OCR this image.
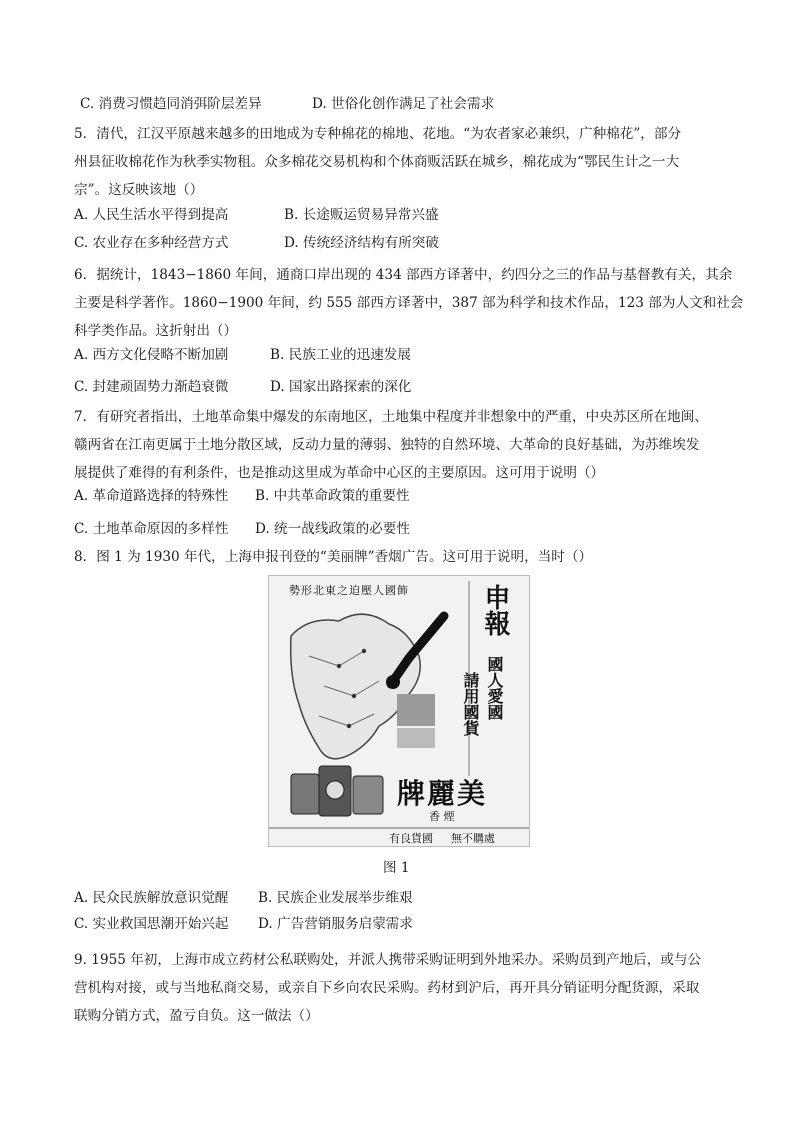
C. 消费习惯趋同消弭阶层差异	D. 世俗化创作满足了社会需求
5．清代，江汉平原越来越多的田地成为专种棉花的棉地、花地。“为农者家必兼织，广种棉花”，部分
州县征收棉花作为秋季实物租。众多棉花交易机构和个体商贩活跃在城乡，棉花成为“鄂民生计之一大
宗”。这反映该地（）
A. 人民生活水平得到提高	B. 长途贩运贸易异常兴盛
C. 农业存在多种经营方式	D. 传统经济结构有所突破
6．据统计，1843−1860 年间，通商口岸出现的 434 部西方译著中，约四分之三的作品与基督教有关，其余
主要是科学著作。1860−1900 年间，约 555 部西方译著中，387 部为科学和技术作品，123 部为人文和社会
科学类作品。这折射出（）
A. 西方文化侵略不断加剧	B. 民族工业的迅速发展
C. 封建顽固势力渐趋衰微	D. 国家出路探索的深化
7．有研究者指出，土地革命集中爆发的东南地区，土地集中程度并非想象中的严重，中央苏区所在地闽、
赣两省在江南更属于土地分散区域，反动力量的薄弱、独特的自然环境、大革命的良好基础，为苏维埃发
展提供了难得的有利条件，也是推动这里成为革命中心区的主要原因。这可用于说明（）
A. 革命道路选择的特殊性 B. 中共革命政策的重要性
C. 土地革命原因的多样性 D. 统一战线政策的必要性
8．图 1 为 1930 年代，上海申报刊登的“美丽牌”香烟广告。这可用于说明，当时（）
勢形北東之迫壓人國飾	申報
國人愛國
請用國貨
牌麗美
香 煙
有良貨國 　 無不購處
图 1
A. 民众民族解放意识觉醒 B. 民族企业发展举步维艰
C. 实业救国思潮开始兴起 D. 广告营销服务启蒙需求
9. 1955 年初，上海市成立药材公私联购处，并派人携带采购证明到外地采办。采购员到产地后，或与公
营机构对接，或与当地私商交易，或亲自下乡向农民采购。药材到沪后，再开具分销证明分配货源，采取
联购分销方式，盈亏自负。这一做法（）
